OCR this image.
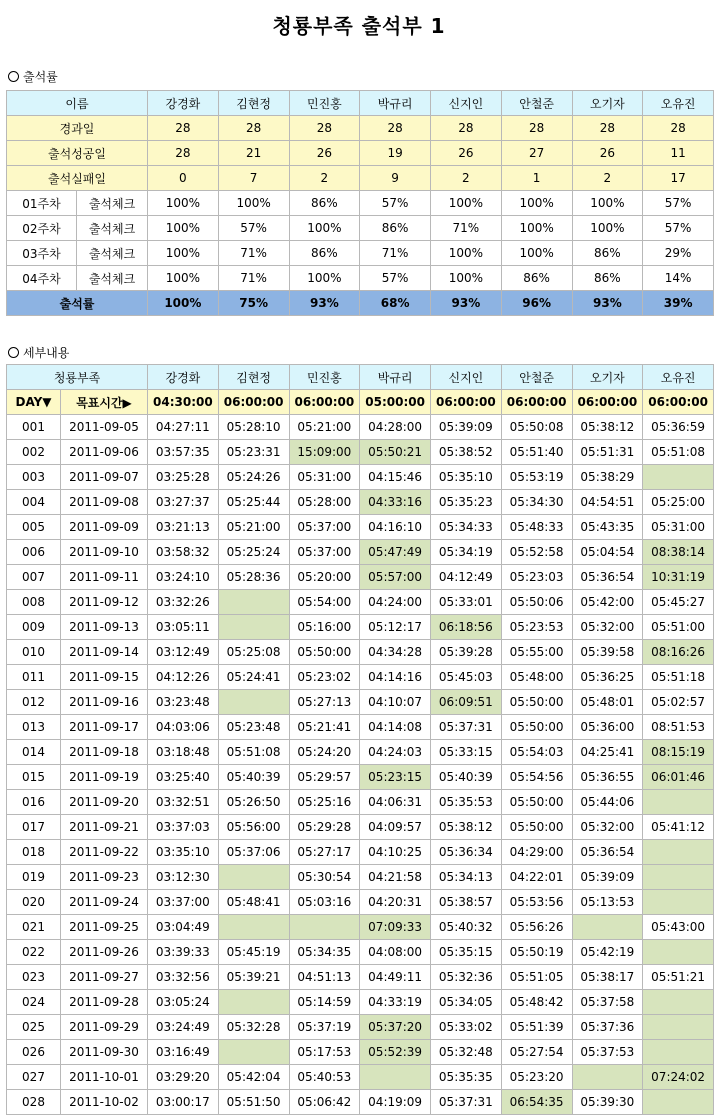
청룡부족 출석부 1
출석률
이름		강경화	김현정	민진홍	박규리	신지인	안철준	오기자	오유진
경과일		28	28	28	28	28	28	28	28
출석성공일		28	21	26	19	26	27	26	11
출석실패일		0	7	2	9	2	1	2	17
01주차	출석체크	100%	100%	86%	57%	100%	100%	100%	57%
02주차	출석체크	100%	57%	100%	86%	71%	100%	100%	57%
03주차	출석체크	100%	71%	86%	71%	100%	100%	86%	29%
04주차	출석체크	100%	71%	100%	57%	100%	86%	86%	14%
출석률		100%	75%	93%	68%	93%	96%	93%	39%
세부내용
청룡부족		강경화	김현정	민진홍	박규리	신지인	안철준	오기자	오유진
DAY▼	목표시간▶	04:30:00	06:00:00	06:00:00	05:00:00	06:00:00	06:00:00	06:00:00	06:00:00
001	2011-09-05	04:27:11	05:28:10	05:21:00	04:28:00	05:39:09	05:50:08	05:38:12	05:36:59
002	2011-09-06	03:57:35	05:23:31	15:09:00	05:50:21	05:38:52	05:51:40	05:51:31	05:51:08
003	2011-09-07	03:25:28	05:24:26	05:31:00	04:15:46	05:35:10	05:53:19	05:38:29	
004	2011-09-08	03:27:37	05:25:44	05:28:00	04:33:16	05:35:23	05:34:30	04:54:51	05:25:00
005	2011-09-09	03:21:13	05:21:00	05:37:00	04:16:10	05:34:33	05:48:33	05:43:35	05:31:00
006	2011-09-10	03:58:32	05:25:24	05:37:00	05:47:49	05:34:19	05:52:58	05:04:54	08:38:14
007	2011-09-11	03:24:10	05:28:36	05:20:00	05:57:00	04:12:49	05:23:03	05:36:54	10:31:19
008	2011-09-12	03:32:26		05:54:00	04:24:00	05:33:01	05:50:06	05:42:00	05:45:27
009	2011-09-13	03:05:11		05:16:00	05:12:17	06:18:56	05:23:53	05:32:00	05:51:00
010	2011-09-14	03:12:49	05:25:08	05:50:00	04:34:28	05:39:28	05:55:00	05:39:58	08:16:26
011	2011-09-15	04:12:26	05:24:41	05:23:02	04:14:16	05:45:03	05:48:00	05:36:25	05:51:18
012	2011-09-16	03:23:48		05:27:13	04:10:07	06:09:51	05:50:00	05:48:01	05:02:57
013	2011-09-17	04:03:06	05:23:48	05:21:41	04:14:08	05:37:31	05:50:00	05:36:00	08:51:53
014	2011-09-18	03:18:48	05:51:08	05:24:20	04:24:03	05:33:15	05:54:03	04:25:41	08:15:19
015	2011-09-19	03:25:40	05:40:39	05:29:57	05:23:15	05:40:39	05:54:56	05:36:55	06:01:46
016	2011-09-20	03:32:51	05:26:50	05:25:16	04:06:31	05:35:53	05:50:00	05:44:06	
017	2011-09-21	03:37:03	05:56:00	05:29:28	04:09:57	05:38:12	05:50:00	05:32:00	05:41:12
018	2011-09-22	03:35:10	05:37:06	05:27:17	04:10:25	05:36:34	04:29:00	05:36:54	
019	2011-09-23	03:12:30		05:30:54	04:21:58	05:34:13	04:22:01	05:39:09	
020	2011-09-24	03:37:00	05:48:41	05:03:16	04:20:31	05:38:57	05:53:56	05:13:53	
021	2011-09-25	03:04:49			07:09:33	05:40:32	05:56:26		05:43:00
022	2011-09-26	03:39:33	05:45:19	05:34:35	04:08:00	05:35:15	05:50:19	05:42:19	
023	2011-09-27	03:32:56	05:39:21	04:51:13	04:49:11	05:32:36	05:51:05	05:38:17	05:51:21
024	2011-09-28	03:05:24		05:14:59	04:33:19	05:34:05	05:48:42	05:37:58	
025	2011-09-29	03:24:49	05:32:28	05:37:19	05:37:20	05:33:02	05:51:39	05:37:36	
026	2011-09-30	03:16:49		05:17:53	05:52:39	05:32:48	05:27:54	05:37:53	
027	2011-10-01	03:29:20	05:42:04	05:40:53		05:35:35	05:23:20		07:24:02
028	2011-10-02	03:00:17	05:51:50	05:06:42	04:19:09	05:37:31	06:54:35	05:39:30	
